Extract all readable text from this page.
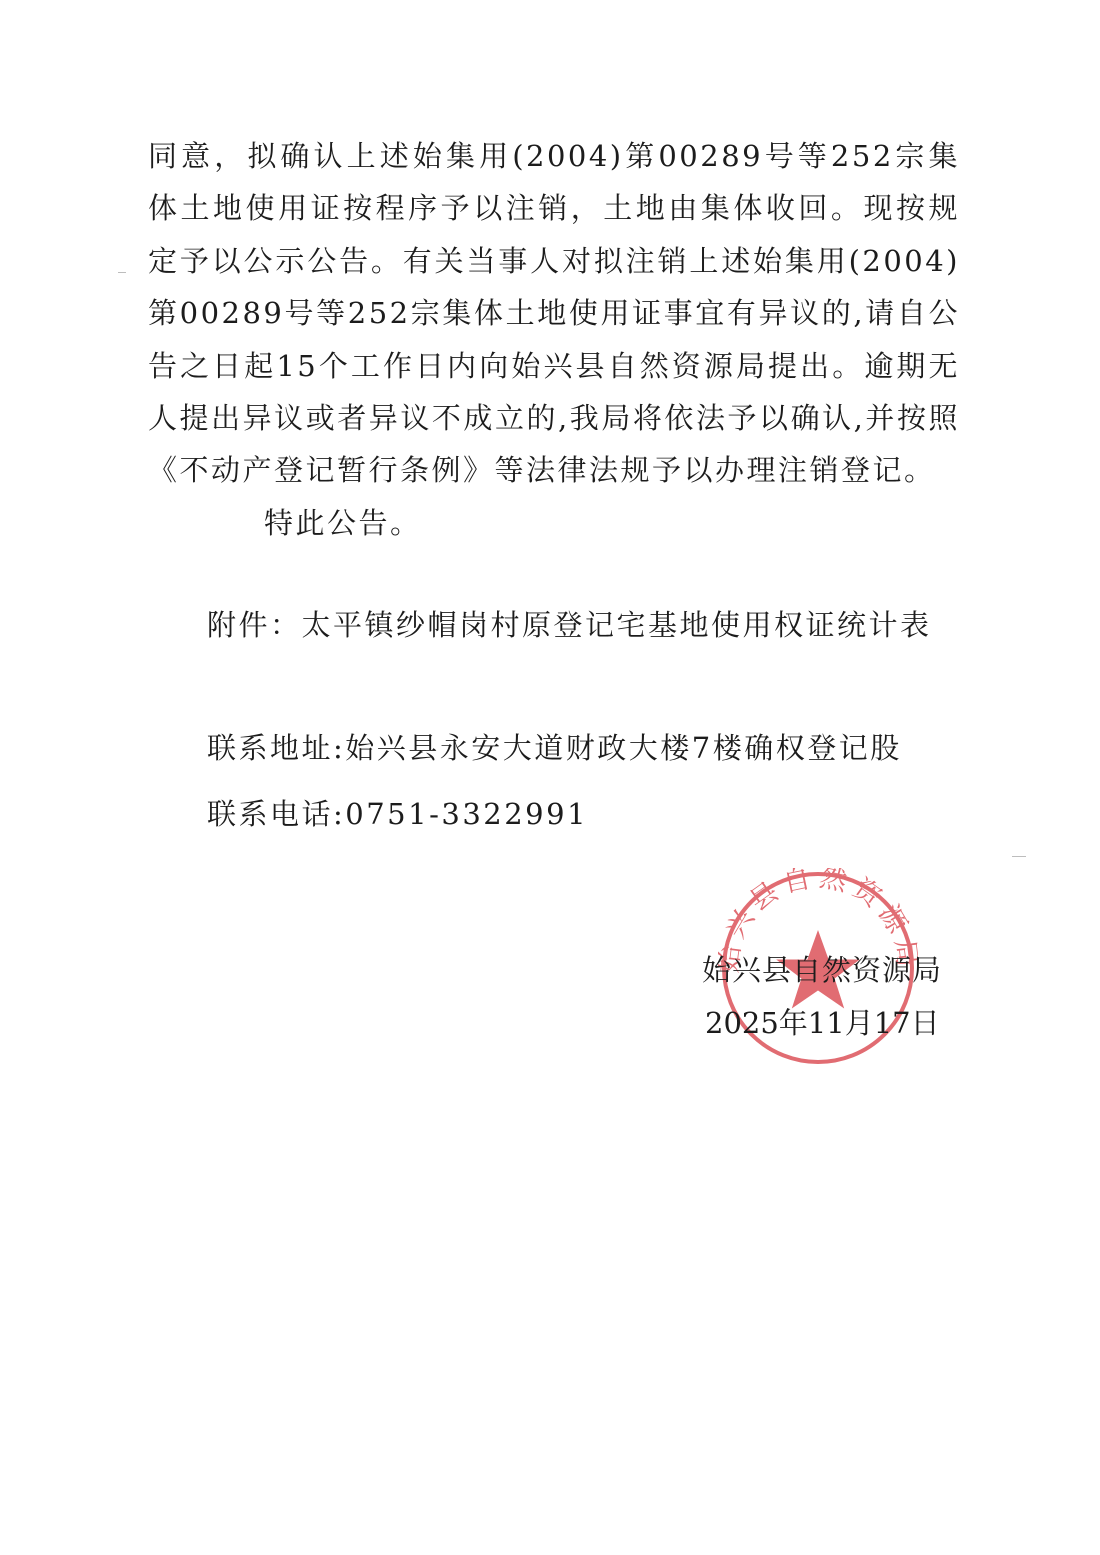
同意，拟确认上述始集用(2004)第00289号等252宗集体土地使用证按程序予以注销，土地由集体收回。现按规定予以公示公告。有关当事人对拟注销上述始集用(2004)第00289号等252宗集体土地使用证事宜有异议的,请自公告之日起15个工作日内向始兴县自然资源局提出。逾期无人提出异议或者异议不成立的,我局将依法予以确认,并按照《不动产登记暂行条例》等法律法规予以办理注销登记。

特此公告。
附件：太平镇纱帽岗村原登记宅基地使用权证统计表
联系地址:始兴县永安大道财政大楼7楼确权登记股
联系电话:0751-3322991
兴县自然资源
始兴县自然资源局
2025年11月17日
